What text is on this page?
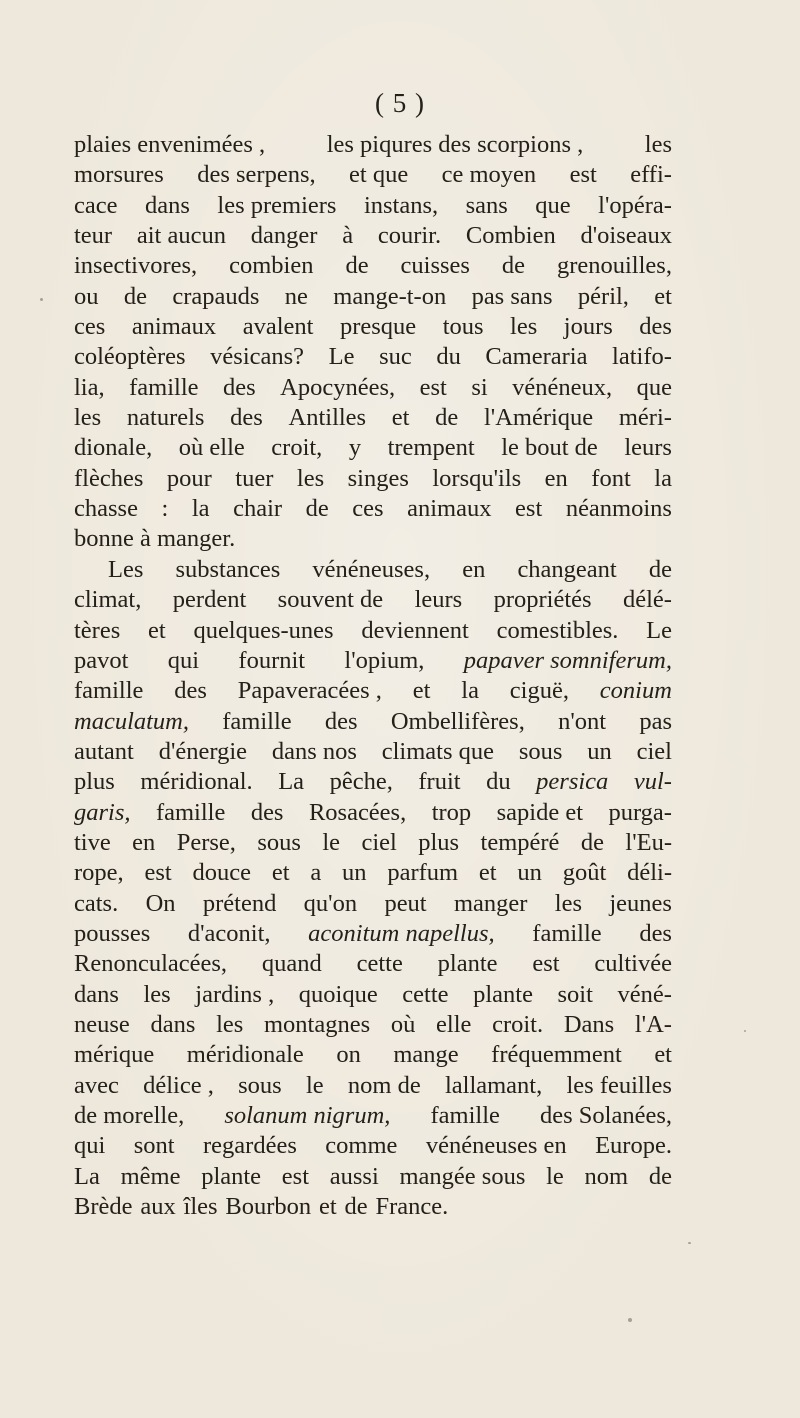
( 5 )
plaies envenimées ,	les piqures des scorpions ,	les
morsures des serpens, et que ce moyen est effi-
cace dans les premiers instans, sans que l'opéra-
teur ait aucun danger à courir. Combien d'oiseaux
insectivores, combien de cuisses de grenouilles,
ou de crapauds ne mange-t-on pas sans péril, et
ces animaux avalent presque tous les jours des
coléoptères vésicans? Le suc du Cameraria latifo-
lia, famille des Apocynées, est si vénéneux, que
les naturels des Antilles et de l'Amérique méri-
dionale, où elle croit, y trempent le bout de leurs
flèches pour tuer les singes lorsqu'ils en font la
chasse : la chair de ces animaux est néanmoins
bonne à manger.
Les substances vénéneuses, en changeant de
climat, perdent souvent de leurs propriétés délé-
tères et quelques-unes deviennent comestibles. Le
pavot qui fournit l'opium, papaver somniferum,
famille des Papaveracées , et la ciguë, conium
maculatum, famille des Ombellifères, n'ont pas
autant d'énergie dans nos climats que sous un ciel
plus méridional. La pêche, fruit du persica vul-
garis, famille des Rosacées, trop sapide et purga-
tive en Perse, sous le ciel plus tempéré de l'Eu-
rope, est douce et a un parfum et un goût déli-
cats. On prétend qu'on peut manger les jeunes
pousses d'aconit, aconitum napellus, famille des
Renonculacées, quand cette plante est cultivée
dans les jardins , quoique cette plante soit véné-
neuse dans les montagnes où elle croit. Dans l'A-
mérique méridionale on mange fréquemment et
avec délice , sous le nom de lallamant, les feuilles
de morelle, solanum nigrum, famille des Solanées,
qui sont regardées comme vénéneuses en Europe.
La même plante est aussi mangée sous le nom de
Brède aux îles Bourbon et de France.
